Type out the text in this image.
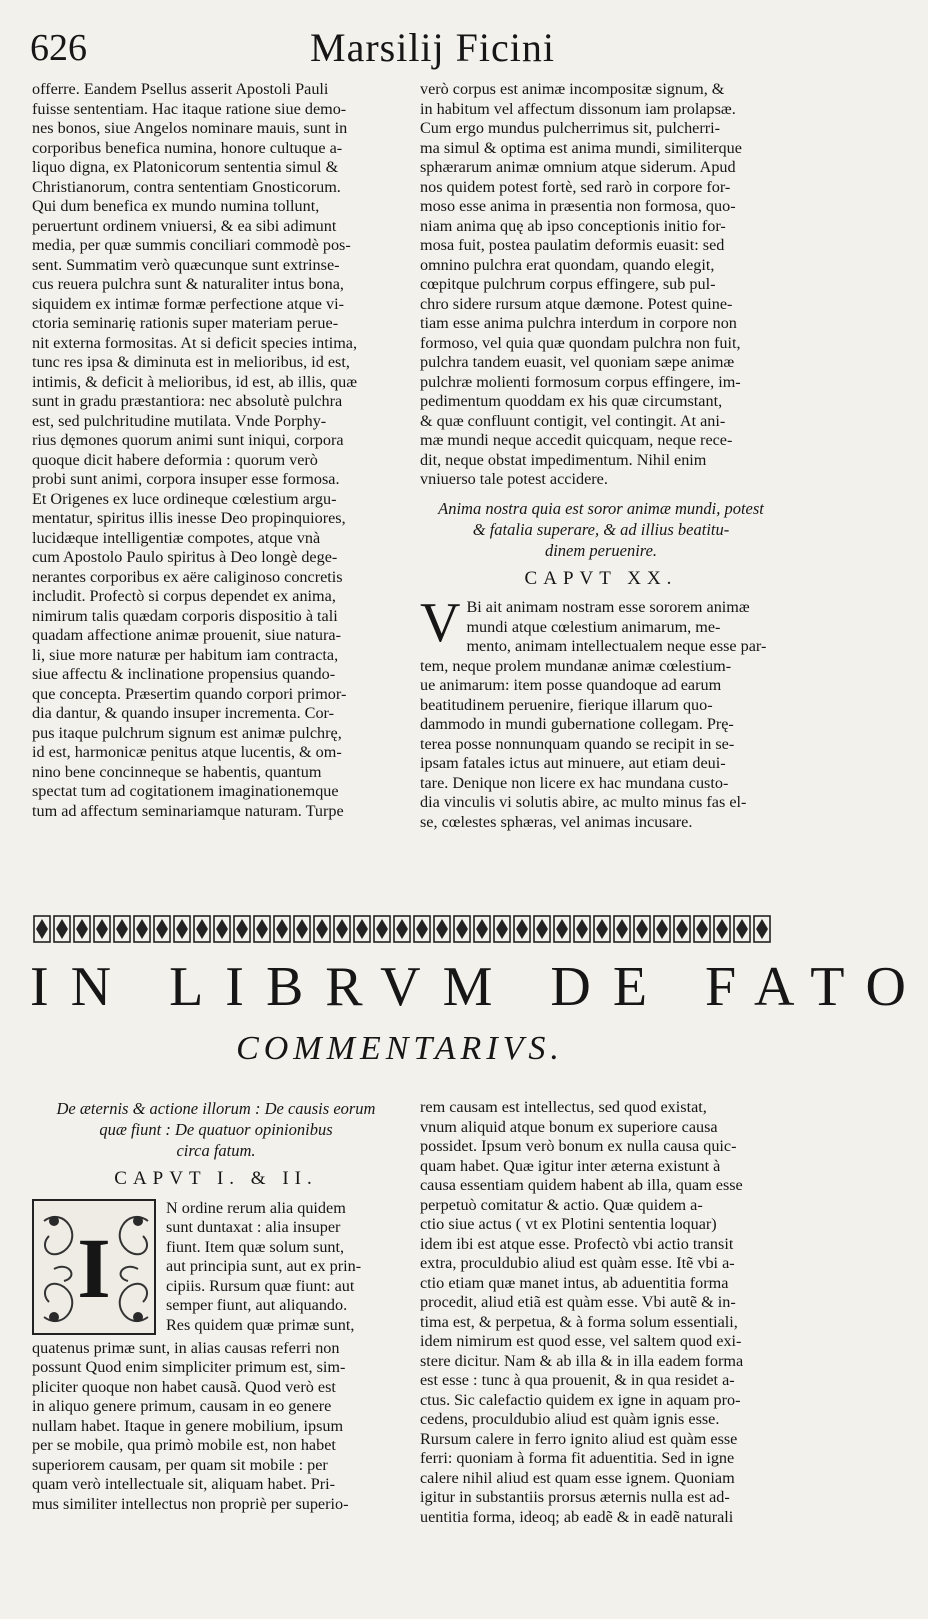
626	Marsilij Ficini
offerre. Eandem Psellus asserit Apostoli Pauli
fuisse sententiam. Hac itaque ratione siue demo-
nes bonos, siue Angelos nominare mauis, sunt in
corporibus benefica numina, honore cultuque a-
liquo digna, ex Platonicorum sententia simul &
Christianorum, contra sententiam Gnosticorum.
Qui dum benefica ex mundo numina tollunt,
peruertunt ordinem vniuersi, & ea sibi adimunt
media, per quæ summis conciliari commodè pos-
sent. Summatim verò quæcunque sunt extrinse-
cus reuera pulchra sunt & naturaliter intus bona,
siquidem ex intimæ formæ perfectione atque vi-
ctoria seminarię rationis super materiam perue-
nit externa formositas. At si deficit species intima,
tunc res ipsa & diminuta est in melioribus, id est,
intimis, & deficit à melioribus, id est, ab illis, quæ
sunt in gradu præstantiora: nec absolutè pulchra
est, sed pulchritudine mutilata. Vnde Porphy-
rius dęmones quorum animi sunt iniqui, corpora
quoque dicit habere deformia : quorum verò
probi sunt animi, corpora insuper esse formosa.
Et Origenes ex luce ordineque cœlestium argu-
mentatur, spiritus illis inesse Deo propinquiores,
lucidæque intelligentiæ compotes, atque vnà
cum Apostolo Paulo spiritus à Deo longè dege-
nerantes corporibus ex aëre caliginoso concretis
includit. Profectò si corpus dependet ex anima,
nimirum talis quædam corporis dispositio à tali
quadam affectione animæ prouenit, siue natura-
li, siue more naturæ per habitum iam contracta,
siue affectu & inclinatione propensius quando-
que concepta. Præsertim quando corpori primor-
dia dantur, & quando insuper incrementa. Cor-
pus itaque pulchrum signum est animæ pulchrę,
id est, harmonicæ penitus atque lucentis, & om-
nino bene concinneque se habentis, quantum
spectat tum ad cogitationem imaginationemque
tum ad affectum seminariamque naturam. Turpe
verò corpus est animæ incompositæ signum, &
in habitum vel affectum dissonum iam prolapsæ.
Cum ergo mundus pulcherrimus sit, pulcherri-
ma simul & optima est anima mundi, similiterque
sphærarum animæ omnium atque siderum. Apud
nos quidem potest fortè, sed rarò in corpore for-
moso esse anima in præsentia non formosa, quo-
niam anima quę ab ipso conceptionis initio for-
mosa fuit, postea paulatim deformis euasit: sed
omnino pulchra erat quondam, quando elegit,
cœpitque pulchrum corpus effingere, sub pul-
chro sidere rursum atque dæmone. Potest quine-
tiam esse anima pulchra interdum in corpore non
formoso, vel quia quæ quondam pulchra non fuit,
pulchra tandem euasit, vel quoniam sæpe animæ
pulchræ molienti formosum corpus effingere, im-
pedimentum quoddam ex his quæ circumstant,
& quæ confluunt contigit, vel contingit. At ani-
mæ mundi neque accedit quicquam, neque rece-
dit, neque obstat impedimentum. Nihil enim
vniuerso tale potest accidere.
Anima nostra quia est soror animæ mundi, potest
& fatalia superare, & ad illius beatitu-
dinem peruenire.
CAPVT XX.
V Bi ait animam nostram esse sororem animæ
mundi atque cœlestium animarum, me-
mento, animam intellectualem neque esse par-
tem, neque prolem mundanæ animæ cœlestium-
ue animarum: item posse quandoque ad earum
beatitudinem peruenire, fierique illarum quo-
dammodo in mundi gubernatione collegam. Prę-
terea posse nonnunquam quando se recipit in se-
ipsam fatales ictus aut minuere, aut etiam deui-
tare. Denique non licere ex hac mundana custo-
dia vinculis vi solutis abire, ac multo minus fas el-
se, cœlestes sphæras, vel animas incusare.
IN LIBRVM DE FATO
COMMENTARIVS.
De æternis & actione illorum : De causis eorum
quæ fiunt : De quatuor opinionibus
circa fatum.
CAPVT I. & II.
I
N ordine rerum alia quidem
sunt duntaxat : alia insuper
fiunt. Item quæ solum sunt,
aut principia sunt, aut ex prin-
cipiis. Rursum quæ fiunt: aut
semper fiunt, aut aliquando.
Res quidem quæ primæ sunt,
quatenus primæ sunt, in alias causas referri non
possunt Quod enim simpliciter primum est, sim-
pliciter quoque non habet causã. Quod verò est
in aliquo genere primum, causam in eo genere
nullam habet. Itaque in genere mobilium, ipsum
per se mobile, qua primò mobile est, non habet
superiorem causam, per quam sit mobile : per
quam verò intellectuale sit, aliquam habet. Pri-
mus similiter intellectus non propriè per superio-
rem causam est intellectus, sed quod existat,
vnum aliquid atque bonum ex superiore causa
possidet. Ipsum verò bonum ex nulla causa quic-
quam habet. Quæ igitur inter æterna existunt à
causa essentiam quidem habent ab illa, quam esse
perpetuò comitatur & actio. Quæ quidem a-
ctio siue actus ( vt ex Plotini sententia loquar)
idem ibi est atque esse. Profectò vbi actio transit
extra, proculdubio aliud est quàm esse. Itẽ vbi a-
ctio etiam quæ manet intus, ab aduentitia forma
procedit, aliud etiã est quàm esse. Vbi autẽ & in-
tima est, & perpetua, & à forma solum essentiali,
idem nimirum est quod esse, vel saltem quod exi-
stere dicitur. Nam & ab illa & in illa eadem forma
est esse : tunc à qua prouenit, & in qua residet a-
ctus. Sic calefactio quidem ex igne in aquam pro-
cedens, proculdubio aliud est quàm ignis esse.
Rursum calere in ferro ignito aliud est quàm esse
ferri: quoniam à forma fit aduentitia. Sed in igne
calere nihil aliud est quam esse ignem. Quoniam
igitur in substantiis prorsus æternis nulla est ad-
uentitia forma, ideoq; ab eadẽ & in eadẽ naturali
